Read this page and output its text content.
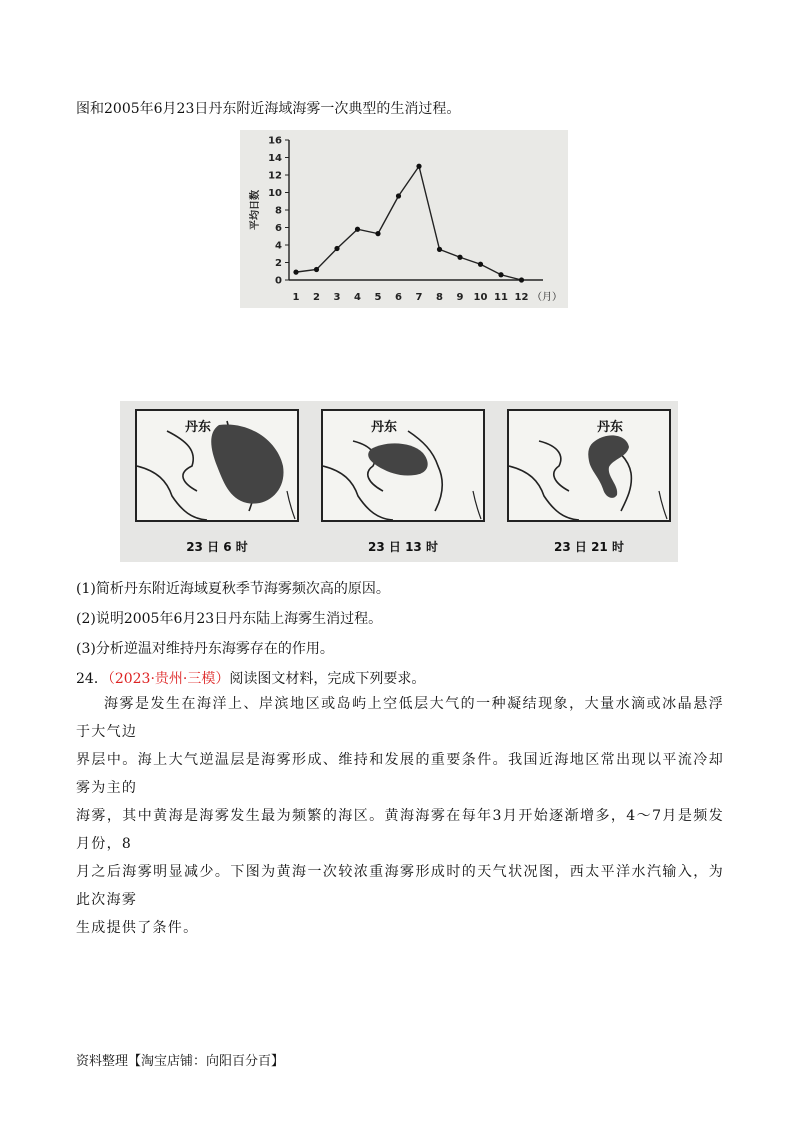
图和2005年6月23日丹东附近海域海雾一次典型的生消过程。
0
2
4
6
8
10
12
14
16
1 2 3 4 5 6 7 8 9 10 11 12 （月）
平均日数
丹东	丹东	丹东
23 日 6 时	23 日 13 时	23 日 21 时
(1)简析丹东附近海域夏秋季节海雾频次高的原因。
(2)说明2005年6月23日丹东陆上海雾生消过程。
(3)分析逆温对维持丹东海雾存在的作用。
24．（2023·贵州·三模）阅读图文材料，完成下列要求。
海雾是发生在海洋上、岸滨地区或岛屿上空低层大气的一种凝结现象，大量水滴或冰晶悬浮于大气边
界层中。海上大气逆温层是海雾形成、维持和发展的重要条件。我国近海地区常出现以平流冷却雾为主的
海雾，其中黄海是海雾发生最为频繁的海区。黄海海雾在每年3月开始逐渐增多，4〜7月是频发月份，8
月之后海雾明显减少。下图为黄海一次较浓重海雾形成时的天气状况图，西太平洋水汽输入，为此次海雾
生成提供了条件。
资料整理【淘宝店铺：向阳百分百】
